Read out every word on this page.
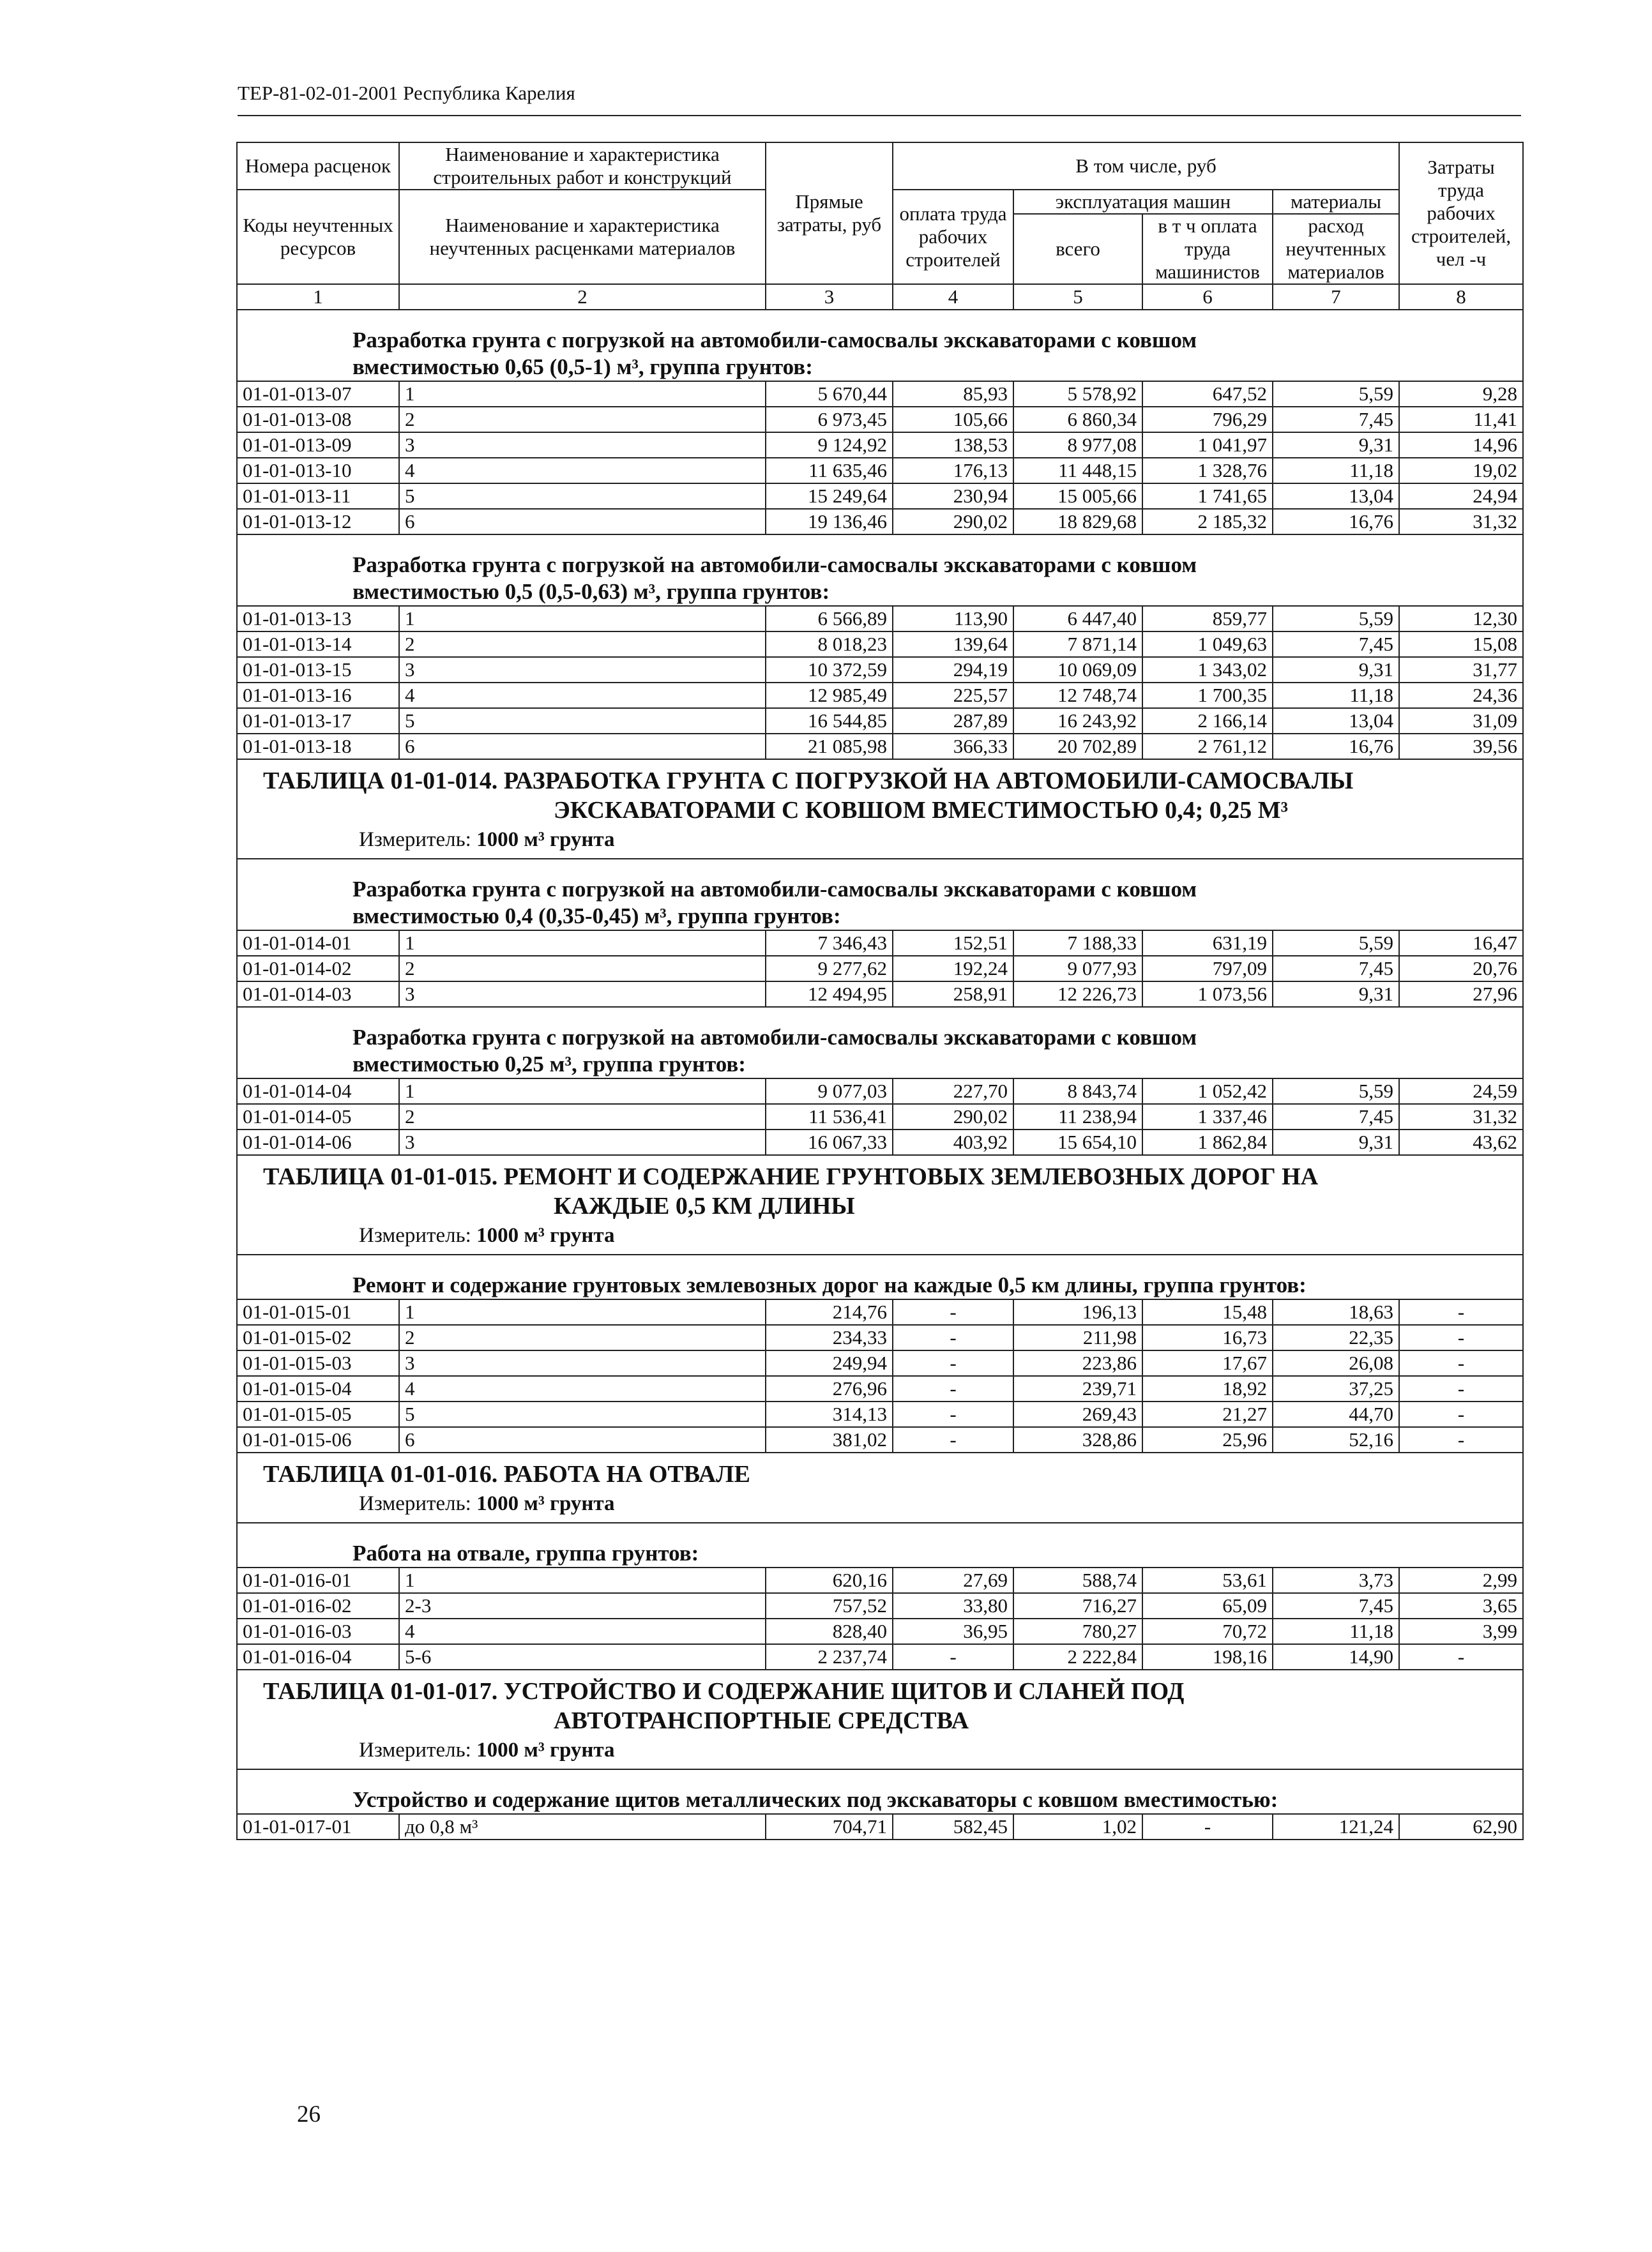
ТЕР-81-02-01-2001 Республика Карелия
Номера расценок	Наименование и характеристика строительных работ и конструкций	Прямые затраты, руб	В том числе, руб				Затраты труда рабочих строителей, чел -ч
Коды неучтенных ресурсов	Наименование и характеристика неучтенных расценками материалов		оплата труда рабочих строителей	эксплуатация машин		материалы	
				всего	в т ч оплата труда машинистов	расход неучтенных материалов	
1	2	3	4	5	6	7	8

Разработка грунта с погрузкой на автомобили-самосвалы экскаваторами с ковшом
вместимостью 0,65 (0,5-1) м³, группа грунтов:							

01-01-013-07	1	5 670,44	85,93	5 578,92	647,52	5,59	9,28
01-01-013-08	2	6 973,45	105,66	6 860,34	796,29	7,45	11,41
01-01-013-09	3	9 124,92	138,53	8 977,08	1 041,97	9,31	14,96
01-01-013-10	4	11 635,46	176,13	11 448,15	1 328,76	11,18	19,02
01-01-013-11	5	15 249,64	230,94	15 005,66	1 741,65	13,04	24,94
01-01-013-12	6	19 136,46	290,02	18 829,68	2 185,32	16,76	31,32

Разработка грунта с погрузкой на автомобили-самосвалы экскаваторами с ковшом
вместимостью 0,5 (0,5-0,63) м³, группа грунтов:							

01-01-013-13	1	6 566,89	113,90	6 447,40	859,77	5,59	12,30
01-01-013-14	2	8 018,23	139,64	7 871,14	1 049,63	7,45	15,08
01-01-013-15	3	10 372,59	294,19	10 069,09	1 343,02	9,31	31,77
01-01-013-16	4	12 985,49	225,57	12 748,74	1 700,35	11,18	24,36
01-01-013-17	5	16 544,85	287,89	16 243,92	2 166,14	13,04	31,09
01-01-013-18	6	21 085,98	366,33	20 702,89	2 761,12	16,76	39,56

ТАБЛИЦА 01-01-014. РАЗРАБОТКА ГРУНТА С ПОГРУЗКОЙ НА АВТОМОБИЛИ-САМОСВАЛЫ
ЭКСКАВАТОРАМИ С КОВШОМ ВМЕСТИМОСТЬЮ 0,4; 0,25 М³
Измеритель: 1000 м³ грунта							

Разработка грунта с погрузкой на автомобили-самосвалы экскаваторами с ковшом
вместимостью 0,4 (0,35-0,45) м³, группа грунтов:							

01-01-014-01	1	7 346,43	152,51	7 188,33	631,19	5,59	16,47
01-01-014-02	2	9 277,62	192,24	9 077,93	797,09	7,45	20,76
01-01-014-03	3	12 494,95	258,91	12 226,73	1 073,56	9,31	27,96

Разработка грунта с погрузкой на автомобили-самосвалы экскаваторами с ковшом
вместимостью 0,25 м³, группа грунтов:							

01-01-014-04	1	9 077,03	227,70	8 843,74	1 052,42	5,59	24,59
01-01-014-05	2	11 536,41	290,02	11 238,94	1 337,46	7,45	31,32
01-01-014-06	3	16 067,33	403,92	15 654,10	1 862,84	9,31	43,62

ТАБЛИЦА 01-01-015. РЕМОНТ И СОДЕРЖАНИЕ ГРУНТОВЫХ ЗЕМЛЕВОЗНЫХ ДОРОГ НА
КАЖДЫЕ 0,5 КМ ДЛИНЫ
Измеритель: 1000 м³ грунта							

Ремонт и содержание грунтовых землевозных дорог на каждые 0,5 км длины, группа грунтов:							

01-01-015-01	1	214,76	-	196,13	15,48	18,63	-
01-01-015-02	2	234,33	-	211,98	16,73	22,35	-
01-01-015-03	3	249,94	-	223,86	17,67	26,08	-
01-01-015-04	4	276,96	-	239,71	18,92	37,25	-
01-01-015-05	5	314,13	-	269,43	21,27	44,70	-
01-01-015-06	6	381,02	-	328,86	25,96	52,16	-

ТАБЛИЦА 01-01-016. РАБОТА НА ОТВАЛЕ
Измеритель: 1000 м³ грунта							

Работа на отвале, группа грунтов:							

01-01-016-01	1	620,16	27,69	588,74	53,61	3,73	2,99
01-01-016-02	2-3	757,52	33,80	716,27	65,09	7,45	3,65
01-01-016-03	4	828,40	36,95	780,27	70,72	11,18	3,99
01-01-016-04	5-6	2 237,74	-	2 222,84	198,16	14,90	-

ТАБЛИЦА 01-01-017. УСТРОЙСТВО И СОДЕРЖАНИЕ ЩИТОВ И СЛАНЕЙ ПОД
АВТОТРАНСПОРТНЫЕ СРЕДСТВА
Измеритель: 1000 м³ грунта							

Устройство и содержание щитов металлических под экскаваторы с ковшом вместимостью:							

01-01-017-01	до 0,8 м³	704,71	582,45	1,02	-	121,24	62,90
26
